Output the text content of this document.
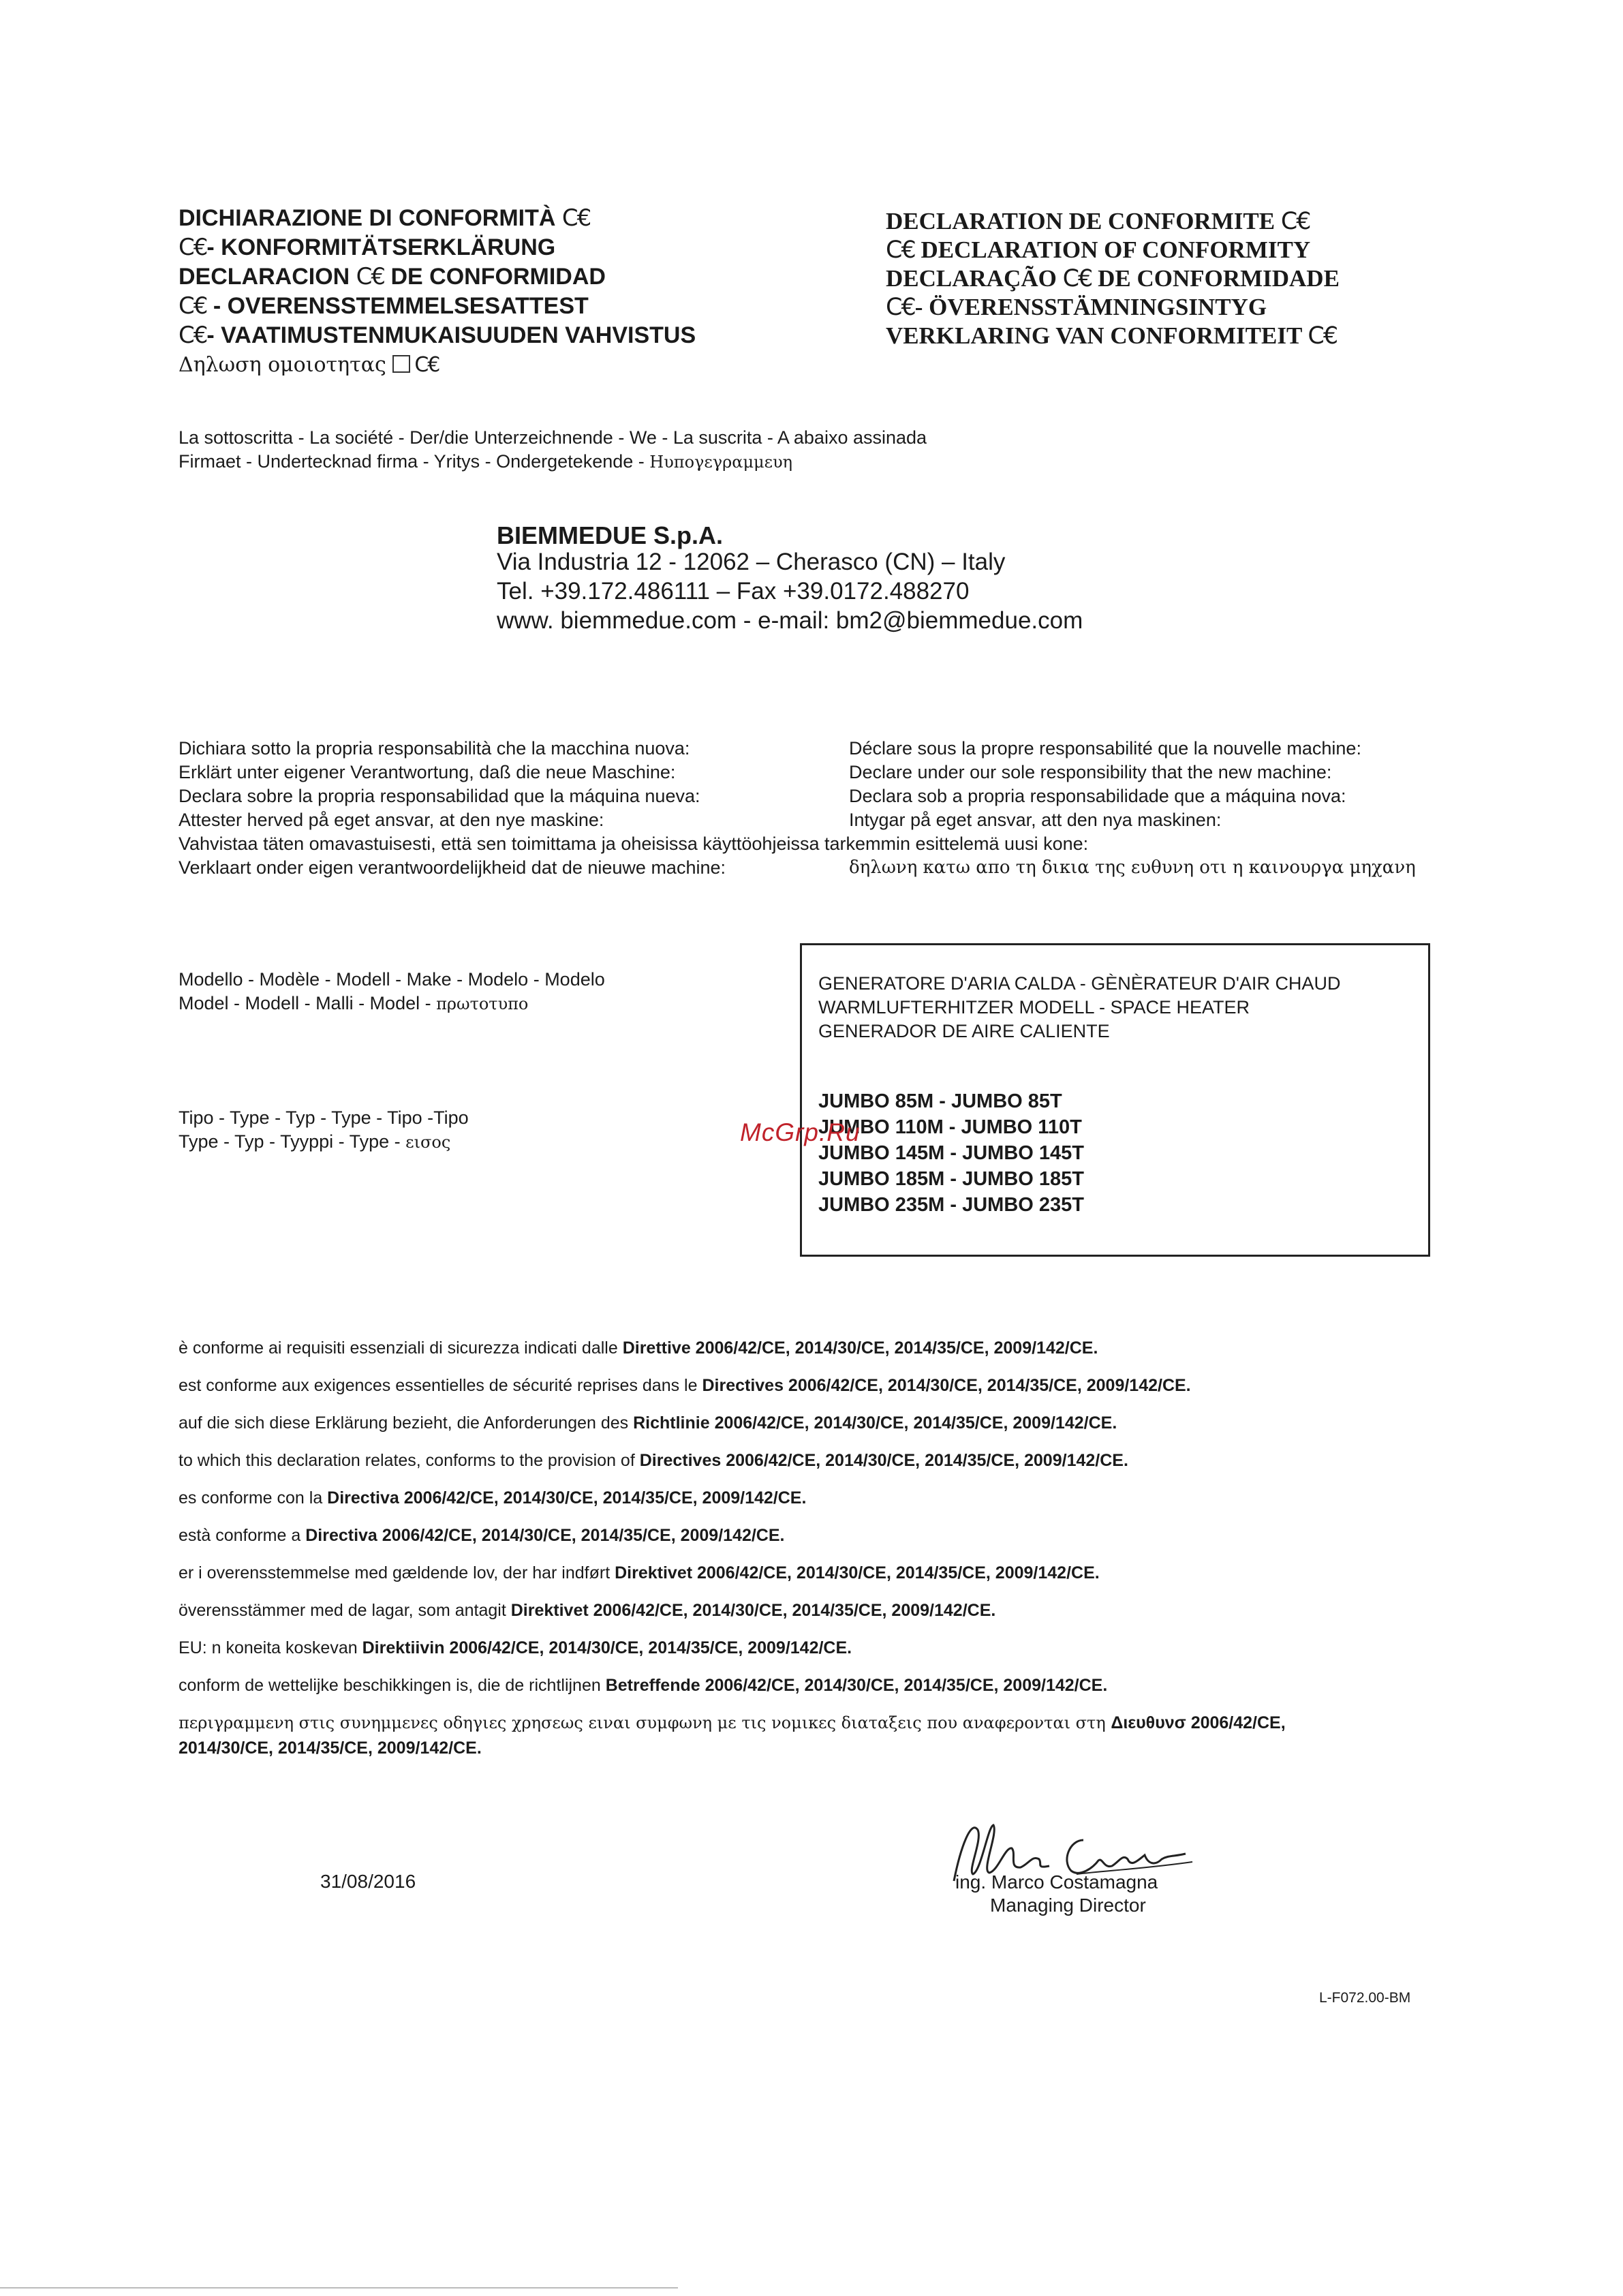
DICHIARAZIONE DI CONFORMITÀ C€
C€- KONFORMITÄTSERKLÄRUNG
DECLARACION C€ DE CONFORMIDAD
C€ - OVERENSSTEMMELSESATTEST
C€- VAATIMUSTENMUKAISUUDEN VAHVISTUS
Δηλωση ομοιοτητας C€
DECLARATION DE CONFORMITE C€
C€ DECLARATION OF CONFORMITY
DECLARAÇÃO C€ DE CONFORMIDADE
C€- ÖVERENSSTÄMNINGSINTYG
VERKLARING VAN CONFORMITEIT C€
La sottoscritta - La société - Der/die Unterzeichnende - We - La suscrita - A abaixo assinada
Firmaet - Undertecknad firma - Yritys - Ondergetekende - Ηυπογεγραμμευη
BIEMMEDUE S.p.A.
Via Industria 12 - 12062 – Cherasco (CN) – Italy
Tel. +39.172.486111 – Fax +39.0172.488270
www. biemmedue.com - e-mail: bm2@biemmedue.com
Dichiara sotto la propria responsabilità che la macchina nuova:
Erklärt unter eigener Verantwortung, daß die neue Maschine:
Declara sobre la propria responsabilidad que la máquina nueva:
Attester herved på eget ansvar, at den nye maskine:
Déclare sous la propre responsabilité que la nouvelle machine:
Declare under our sole responsibility that the new machine:
Declara sob a propria responsabilidade que a máquina nova:
Intygar på eget ansvar, att den nya maskinen:
Vahvistaa täten omavastuisesti, että sen toimittama ja oheisissa käyttöohjeissa tarkemmin esittelemä uusi kone:
Verklaart onder eigen verantwoordelijkheid dat de nieuwe machine:	δηλωνη κατω απο τη δικια της ευθυνη οτι η καινουργα μηχανη
Modello - Modèle - Modell - Make - Modelo - Modelo
Model - Modell - Malli - Model - πρωτοτυπο
Tipo - Type - Typ - Type - Tipo -Tipo
Type - Typ - Tyyppi - Type - εισος
GENERATORE D'ARIA CALDA - GÈNÈRATEUR D'AIR CHAUD
WARMLUFTERHITZER MODELL - SPACE HEATER
GENERADOR DE AIRE CALIENTE
JUMBO 85M - JUMBO 85T
JUMBO 110M - JUMBO 110T
JUMBO 145M - JUMBO 145T
JUMBO 185M - JUMBO 185T
JUMBO 235M - JUMBO 235T
McGrp.Ru
è conforme ai requisiti essenziali di sicurezza indicati dalle Direttive 2006/42/CE, 2014/30/CE, 2014/35/CE, 2009/142/CE.
est conforme aux exigences essentielles de sécurité reprises dans le Directives 2006/42/CE, 2014/30/CE, 2014/35/CE, 2009/142/CE.
auf die sich diese Erklärung bezieht, die Anforderungen des Richtlinie 2006/42/CE, 2014/30/CE, 2014/35/CE, 2009/142/CE.
to which this declaration relates, conforms to the provision of Directives 2006/42/CE, 2014/30/CE, 2014/35/CE, 2009/142/CE.
es conforme con la Directiva 2006/42/CE, 2014/30/CE, 2014/35/CE, 2009/142/CE.
està conforme a Directiva 2006/42/CE, 2014/30/CE, 2014/35/CE, 2009/142/CE.
er i overensstemmelse med gældende lov, der har indført Direktivet 2006/42/CE, 2014/30/CE, 2014/35/CE, 2009/142/CE.
överensstämmer med de lagar, som antagit Direktivet 2006/42/CE, 2014/30/CE, 2014/35/CE, 2009/142/CE.
EU: n koneita koskevan Direktiivin 2006/42/CE, 2014/30/CE, 2014/35/CE, 2009/142/CE.
conform de wettelijke beschikkingen is, die de richtlijnen Betreffende 2006/42/CE, 2014/30/CE, 2014/35/CE, 2009/142/CE.
περιγραμμενη στις συνημμενες οδηγιες χρησεως ειναι συμφωνη με τις νομικες διαταξεις που αναφερονται στη Διευθυνσ 2006/42/CE,
2014/30/CE, 2014/35/CE, 2009/142/CE.
31/08/2016	ing. Marco Costamagna
Managing Director
L-F072.00-BM
